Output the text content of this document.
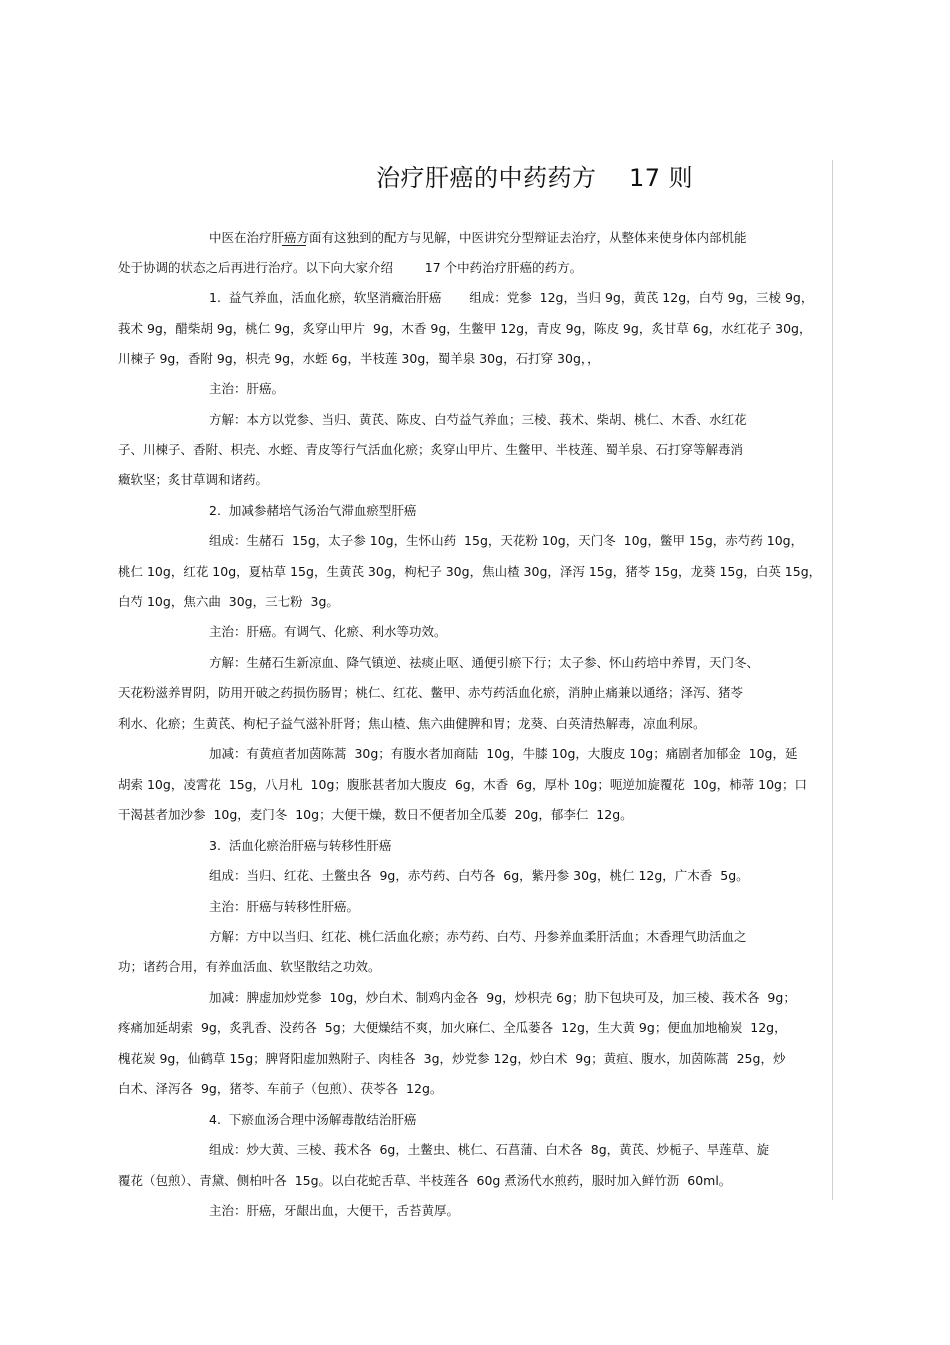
治疗肝癌的中药药方    17 则
中医在治疗肝癌方面有这独到的配方与见解，中医讲究分型辩证去治疗，从整体来使身体内部机能
处于协调的状态之后再进行治疗。以下向大家介绍        17 个中药治疗肝癌的药方。
1.  益气养血，活血化瘀，软坚消癥治肝癌       组成：党参  12g，当归 9g，黄芪 12g，白芍 9g，三棱 9g，
莪术 9g，醋柴胡 9g，桃仁 9g，炙穿山甲片  9g，木香 9g，生鳖甲 12g，青皮 9g，陈皮 9g，炙甘草 6g，水红花子 30g，
川楝子 9g，香附 9g，枳壳 9g，水蛭 6g，半枝莲 30g，蜀羊泉 30g，石打穿 30g，，
主治：肝癌。
方解：本方以党参、当归、黄芪、陈皮、白芍益气养血；三棱、莪术、柴胡、桃仁、木香、水红花
子、川楝子、香附、枳壳、水蛭、青皮等行气活血化瘀；炙穿山甲片、生鳖甲、半枝莲、蜀羊泉、石打穿等解毒消
癥软坚；炙甘草调和诸药。
2.  加减参赭培气汤治气滞血瘀型肝癌
组成：生赭石  15g，太子参 10g，生怀山药  15g，天花粉 10g，天门冬  10g，鳖甲 15g，赤芍药 10g，
桃仁 10g，红花 10g，夏枯草 15g，生黄芪 30g，枸杞子 30g，焦山楂 30g，泽泻 15g，猪苓 15g，龙葵 15g，白英 15g，
白芍 10g，焦六曲  30g，三七粉  3g。
主治：肝癌。有调气、化瘀、利水等功效。
方解：生赭石生新凉血、降气镇逆、祛痰止呕、通便引瘀下行；太子参、怀山药培中养胃，天门冬、
天花粉滋养胃阴，防用开破之药损伤肠胃；桃仁、红花、鳖甲、赤芍药活血化瘀，消肿止痛兼以通络；泽泻、猪苓
利水、化瘀；生黄芪、枸杞子益气滋补肝肾；焦山楂、焦六曲健脾和胃；龙葵、白英清热解毒，凉血利尿。
加减：有黄疸者加茵陈蒿  30g；有腹水者加商陆  10g，牛膝 10g，大腹皮 10g；痛剧者加郁金  10g，延
胡索 10g，凌霄花  15g，八月札  10g；腹胀甚者加大腹皮  6g，木香  6g，厚朴 10g；呃逆加旋覆花  10g，柿蒂 10g；口
干渴甚者加沙参  10g，麦门冬  10g；大便干燥，数日不便者加全瓜蒌  20g，郁李仁  12g。
3.  活血化瘀治肝癌与转移性肝癌
组成：当归、红花、土鳖虫各  9g，赤芍药、白芍各  6g，紫丹参 30g，桃仁 12g，广木香  5g。
主治：肝癌与转移性肝癌。
方解：方中以当归、红花、桃仁活血化瘀；赤芍药、白芍、丹参养血柔肝活血；木香理气助活血之
功；诸药合用，有养血活血、软坚散结之功效。
加减：脾虚加炒党参  10g，炒白术、制鸡内金各  9g，炒枳壳 6g；肋下包块可及，加三棱、莪术各  9g；
疼痛加延胡索  9g，炙乳香、没药各  5g；大便燥结不爽，加火麻仁、全瓜蒌各  12g，生大黄 9g；便血加地榆炭  12g，
槐花炭 9g，仙鹤草 15g；脾肾阳虚加熟附子、肉桂各  3g，炒党参 12g，炒白术  9g；黄疸、腹水，加茵陈蒿  25g，炒
白术、泽泻各  9g，猪苓、车前子（包煎）、茯苓各  12g。
4.  下瘀血汤合理中汤解毒散结治肝癌
组成：炒大黄、三棱、莪术各  6g，土鳖虫、桃仁、石菖蒲、白术各  8g，黄芪、炒栀子、旱莲草、旋
覆花（包煎）、青黛、侧柏叶各  15g。以白花蛇舌草、半枝莲各  60g 煮汤代水煎药，服时加入鲜竹沥  60ml。
主治：肝癌，牙龈出血，大便干，舌苔黄厚。
